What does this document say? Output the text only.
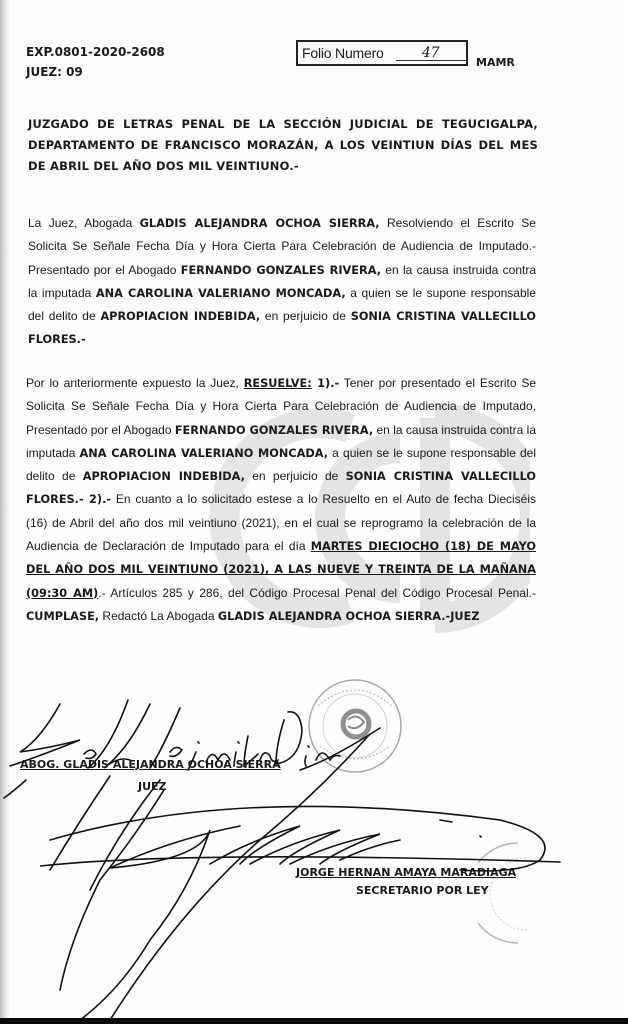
EXP.0801-2020-2608
JUEZ: 09
Folio Numero	47
MAMR
JUZGADO DE LETRAS PENAL DE LA SECCIÓN JUDICIAL DE TEGUCIGALPA, DEPARTAMENTO DE FRANCISCO MORAZÁN, A LOS VEINTIUN DÍAS DEL MES DE ABRIL DEL AÑO DOS MIL VEINTIUNO.-
La Juez, Abogada GLADIS ALEJANDRA OCHOA SIERRA, Resolviendo el Escrito Se Solicita Se Señale Fecha Día y Hora Cierta Para Celebración de Audiencia de Imputado.- Presentado por el Abogado FERNANDO GONZALES RIVERA, en la causa instruida contra la imputada ANA CAROLINA VALERIANO MONCADA, a quien se le supone responsable del delito de APROPIACION INDEBIDA, en perjuicio de SONIA CRISTINA VALLECILLO FLORES.-
Por lo anteriormente expuesto la Juez, RESUELVE: 1).- Tener por presentado el Escrito Se Solicita Se Señale Fecha Día y Hora Cierta Para Celebración de Audiencia de Imputado, Presentado por el Abogado FERNANDO GONZALES RIVERA, en la causa instruida contra la imputada ANA CAROLINA VALERIANO MONCADA, a quien se le supone responsable del delito de APROPIACION INDEBIDA, en perjuicio de SONIA CRISTINA VALLECILLO FLORES.- 2).- En cuanto a lo solicitado estese a lo Resuelto en el Auto de fecha Dieciséis (16) de Abril del año dos mil veintiuno (2021), en el cual se reprogramo la celebración de la Audiencia de Declaración de Imputado para el día MARTES DIECIOCHO (18) DE MAYO DEL AÑO DOS MIL VEINTIUNO (2021), A LAS NUEVE Y TREINTA DE LA MAÑANA (09:30 AM).- Artículos 285 y 286, del Código Procesal Penal del Código Procesal Penal.- CUMPLASE, Redactó La Abogada GLADIS ALEJANDRA OCHOA SIERRA.-JUEZ
ABOG. GLADIS ALEJANDRA OCHOA SIERRA
JUEZ
JORGE HERNAN AMAYA MARADIAGA
SECRETARIO POR LEY
